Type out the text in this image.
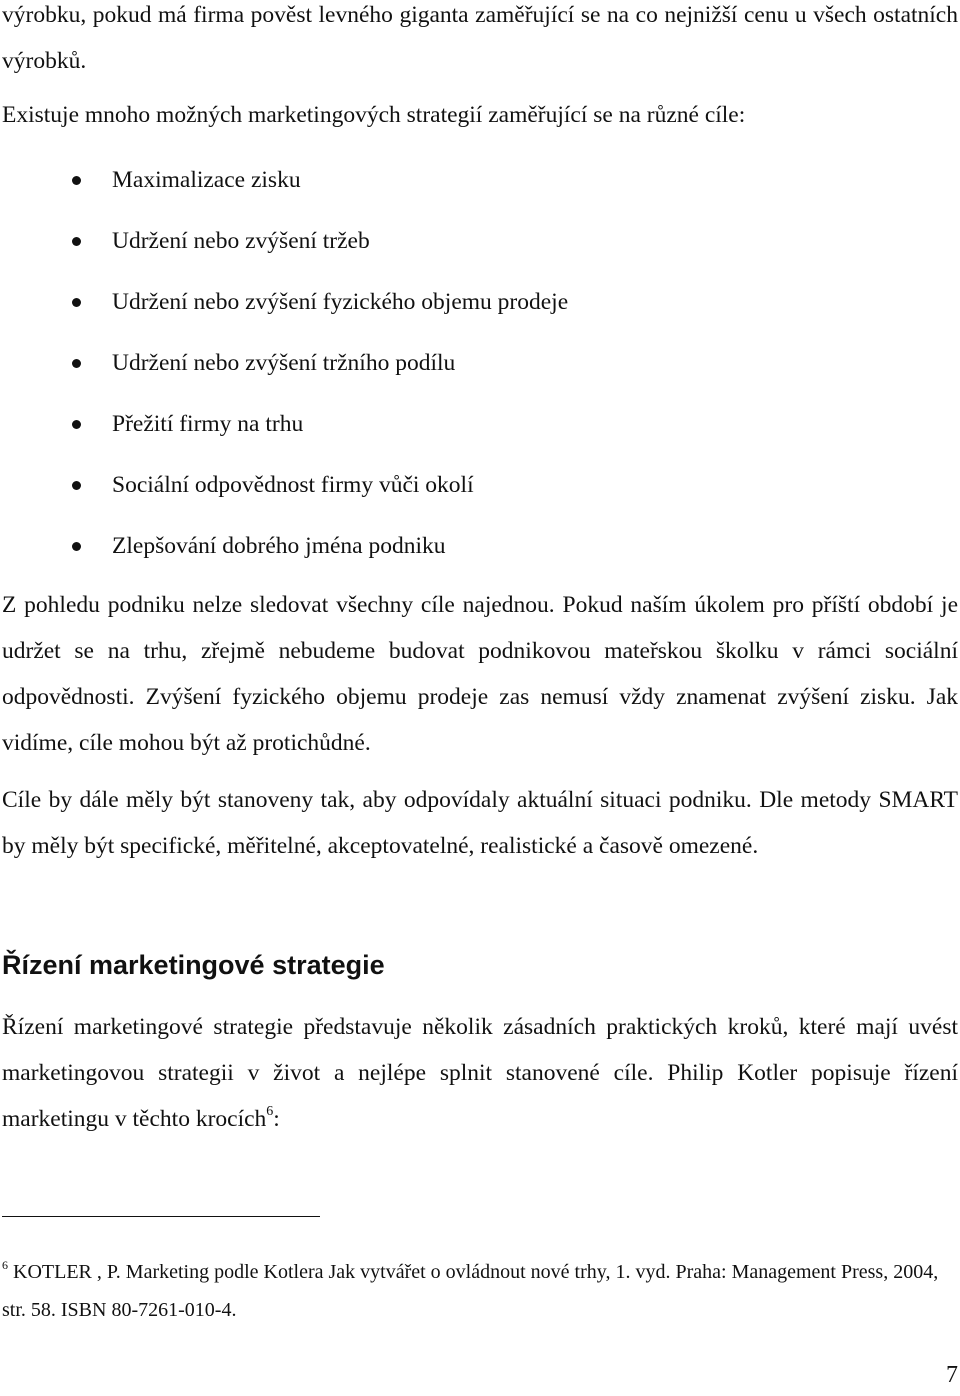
výrobku, pokud má firma pověst levného giganta zaměřující se na co nejnižší cenu u všech ostatních výrobků.

Existuje mnoho možných marketingových strategií zaměřující se na různé cíle:

Maximalizace zisku
Udržení nebo zvýšení tržeb
Udržení nebo zvýšení fyzického objemu prodeje
Udržení nebo zvýšení tržního podílu
Přežití firmy na trhu
Sociální odpovědnost firmy vůči okolí
Zlepšování dobrého jména podniku

Z pohledu podniku nelze sledovat všechny cíle najednou. Pokud naším úkolem pro příští období je udržet se na trhu, zřejmě nebudeme budovat podnikovou mateřskou školku v rámci sociální odpovědnosti. Zvýšení fyzického objemu prodeje zas nemusí vždy znamenat zvýšení zisku. Jak vidíme, cíle mohou být až protichůdné.

Cíle by dále měly být stanoveny tak, aby odpovídaly aktuální situaci podniku. Dle metody SMART by měly být specifické, měřitelné, akceptovatelné, realistické a časově omezené.

Řízení marketingové strategie

Řízení marketingové strategie představuje několik zásadních praktických kroků, které mají uvést marketingovou strategii v život a nejlépe splnit stanovené cíle. Philip Kotler popisuje řízení marketingu v těchto krocích$^6$:

$^6$ KOTLER , P. Marketing podle Kotlera Jak vytvářet o ovládnout nové trhy, 1. vyd. Praha: Management Press, 2004, str. 58. ISBN 80-7261-010-4.

7
